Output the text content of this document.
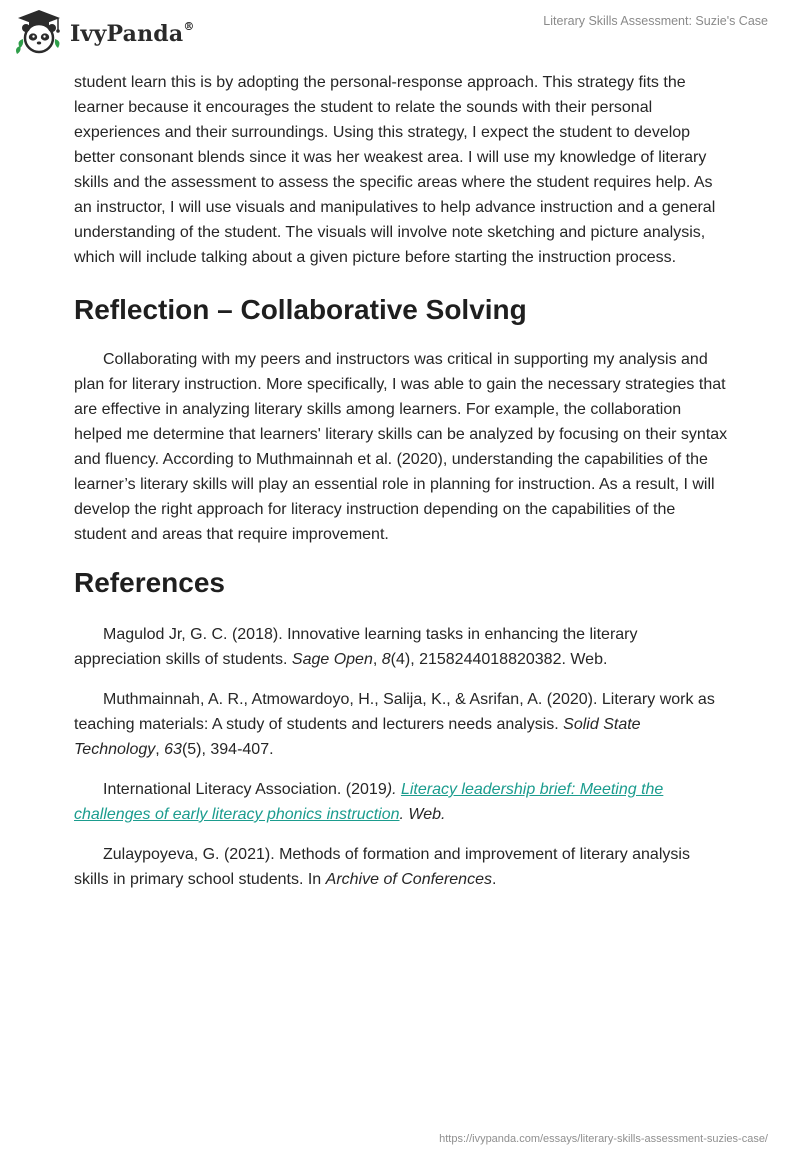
IvyPanda®	Literary Skills Assessment: Suzie's Case

student learn this is by adopting the personal-response approach. This strategy fits the learner because it encourages the student to relate the sounds with their personal experiences and their surroundings. Using this strategy, I expect the student to develop better consonant blends since it was her weakest area. I will use my knowledge of literary skills and the assessment to assess the specific areas where the student requires help. As an instructor, I will use visuals and manipulatives to help advance instruction and a general understanding of the student. The visuals will involve note sketching and picture analysis, which will include talking about a given picture before starting the instruction process.

Reflection – Collaborative Solving

Collaborating with my peers and instructors was critical in supporting my analysis and plan for literary instruction. More specifically, I was able to gain the necessary strategies that are effective in analyzing literary skills among learners. For example, the collaboration helped me determine that learners' literary skills can be analyzed by focusing on their syntax and fluency. According to Muthmainnah et al. (2020), understanding the capabilities of the learner’s literary skills will play an essential role in planning for instruction. As a result, I will develop the right approach for literacy instruction depending on the capabilities of the student and areas that require improvement.

References

Magulod Jr, G. C. (2018). Innovative learning tasks in enhancing the literary appreciation skills of students. Sage Open, 8(4), 2158244018820382. Web.

Muthmainnah, A. R., Atmowardoyo, H., Salija, K., & Asrifan, A. (2020). Literary work as teaching materials: A study of students and lecturers needs analysis. Solid State Technology, 63(5), 394-407.

International Literacy Association. (2019). Literacy leadership brief: Meeting the challenges of early literacy phonics instruction. Web.

Zulaypoyeva, G. (2021). Methods of formation and improvement of literary analysis skills in primary school students. In Archive of Conferences.

https://ivypanda.com/essays/literary-skills-assessment-suzies-case/
